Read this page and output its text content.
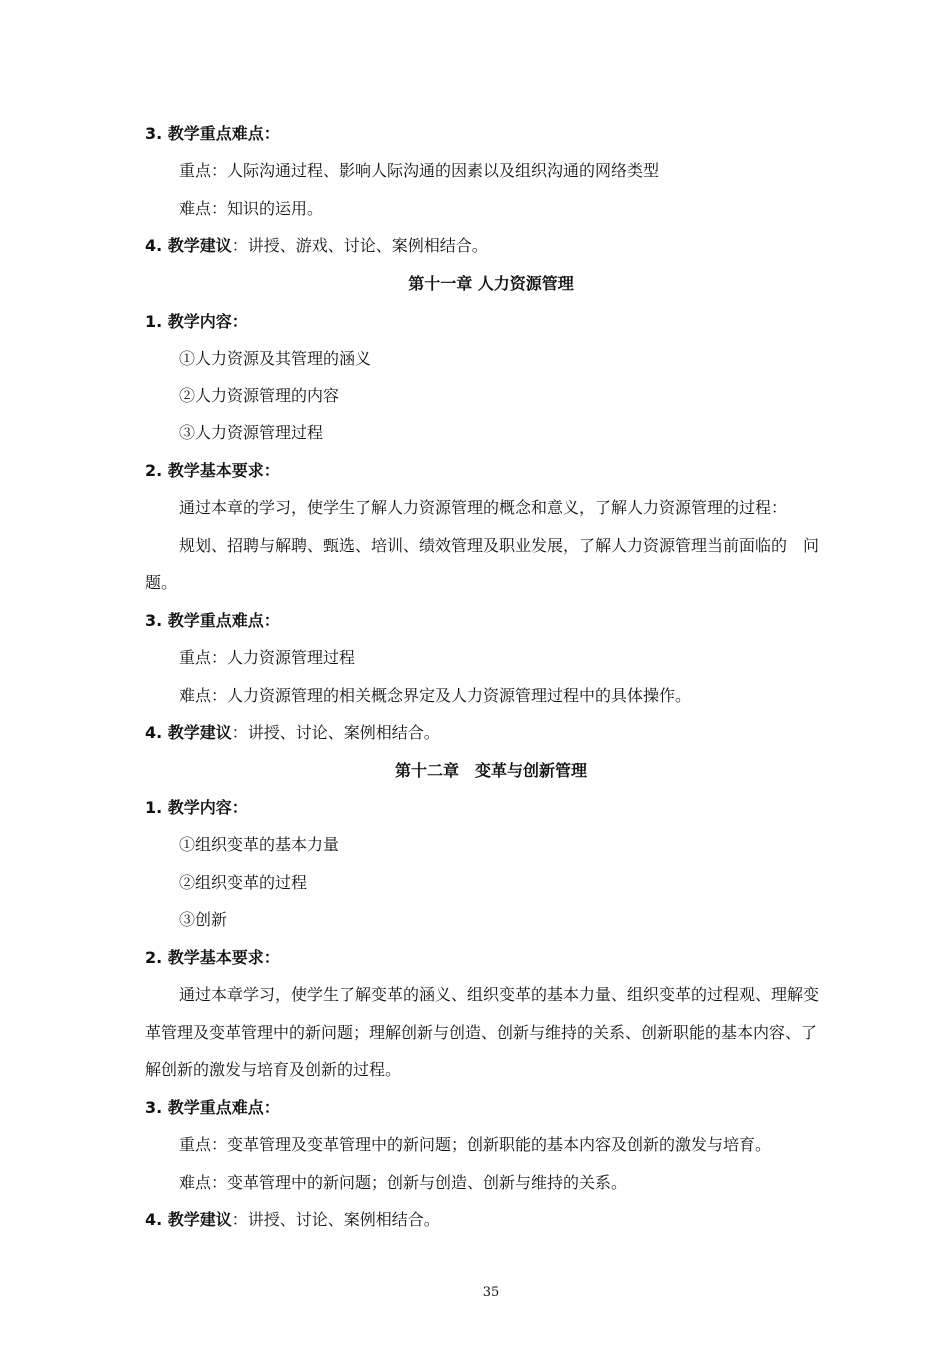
3. 教学重点难点：
重点：人际沟通过程、影响人际沟通的因素以及组织沟通的网络类型
难点：知识的运用。
4. 教学建议：讲授、游戏、讨论、案例相结合。
第十一章 人力资源管理
1. 教学内容：
①人力资源及其管理的涵义
②人力资源管理的内容
③人力资源管理过程
2. 教学基本要求：
通过本章的学习，使学生了解人力资源管理的概念和意义，了解人力资源管理的过程：
规划、招聘与解聘、甄选、培训、绩效管理及职业发展，了解人力资源管理当前面临的　问
题。
3. 教学重点难点：
重点：人力资源管理过程
难点：人力资源管理的相关概念界定及人力资源管理过程中的具体操作。
4. 教学建议：讲授、讨论、案例相结合。
第十二章　变革与创新管理
1. 教学内容：
①组织变革的基本力量
②组织变革的过程
③创新
2. 教学基本要求：
通过本章学习，使学生了解变革的涵义、组织变革的基本力量、组织变革的过程观、理解变
革管理及变革管理中的新问题；理解创新与创造、创新与维持的关系、创新职能的基本内容、了
解创新的激发与培育及创新的过程。
3. 教学重点难点：
重点：变革管理及变革管理中的新问题；创新职能的基本内容及创新的激发与培育。
难点：变革管理中的新问题；创新与创造、创新与维持的关系。
4. 教学建议：讲授、讨论、案例相结合。
35
